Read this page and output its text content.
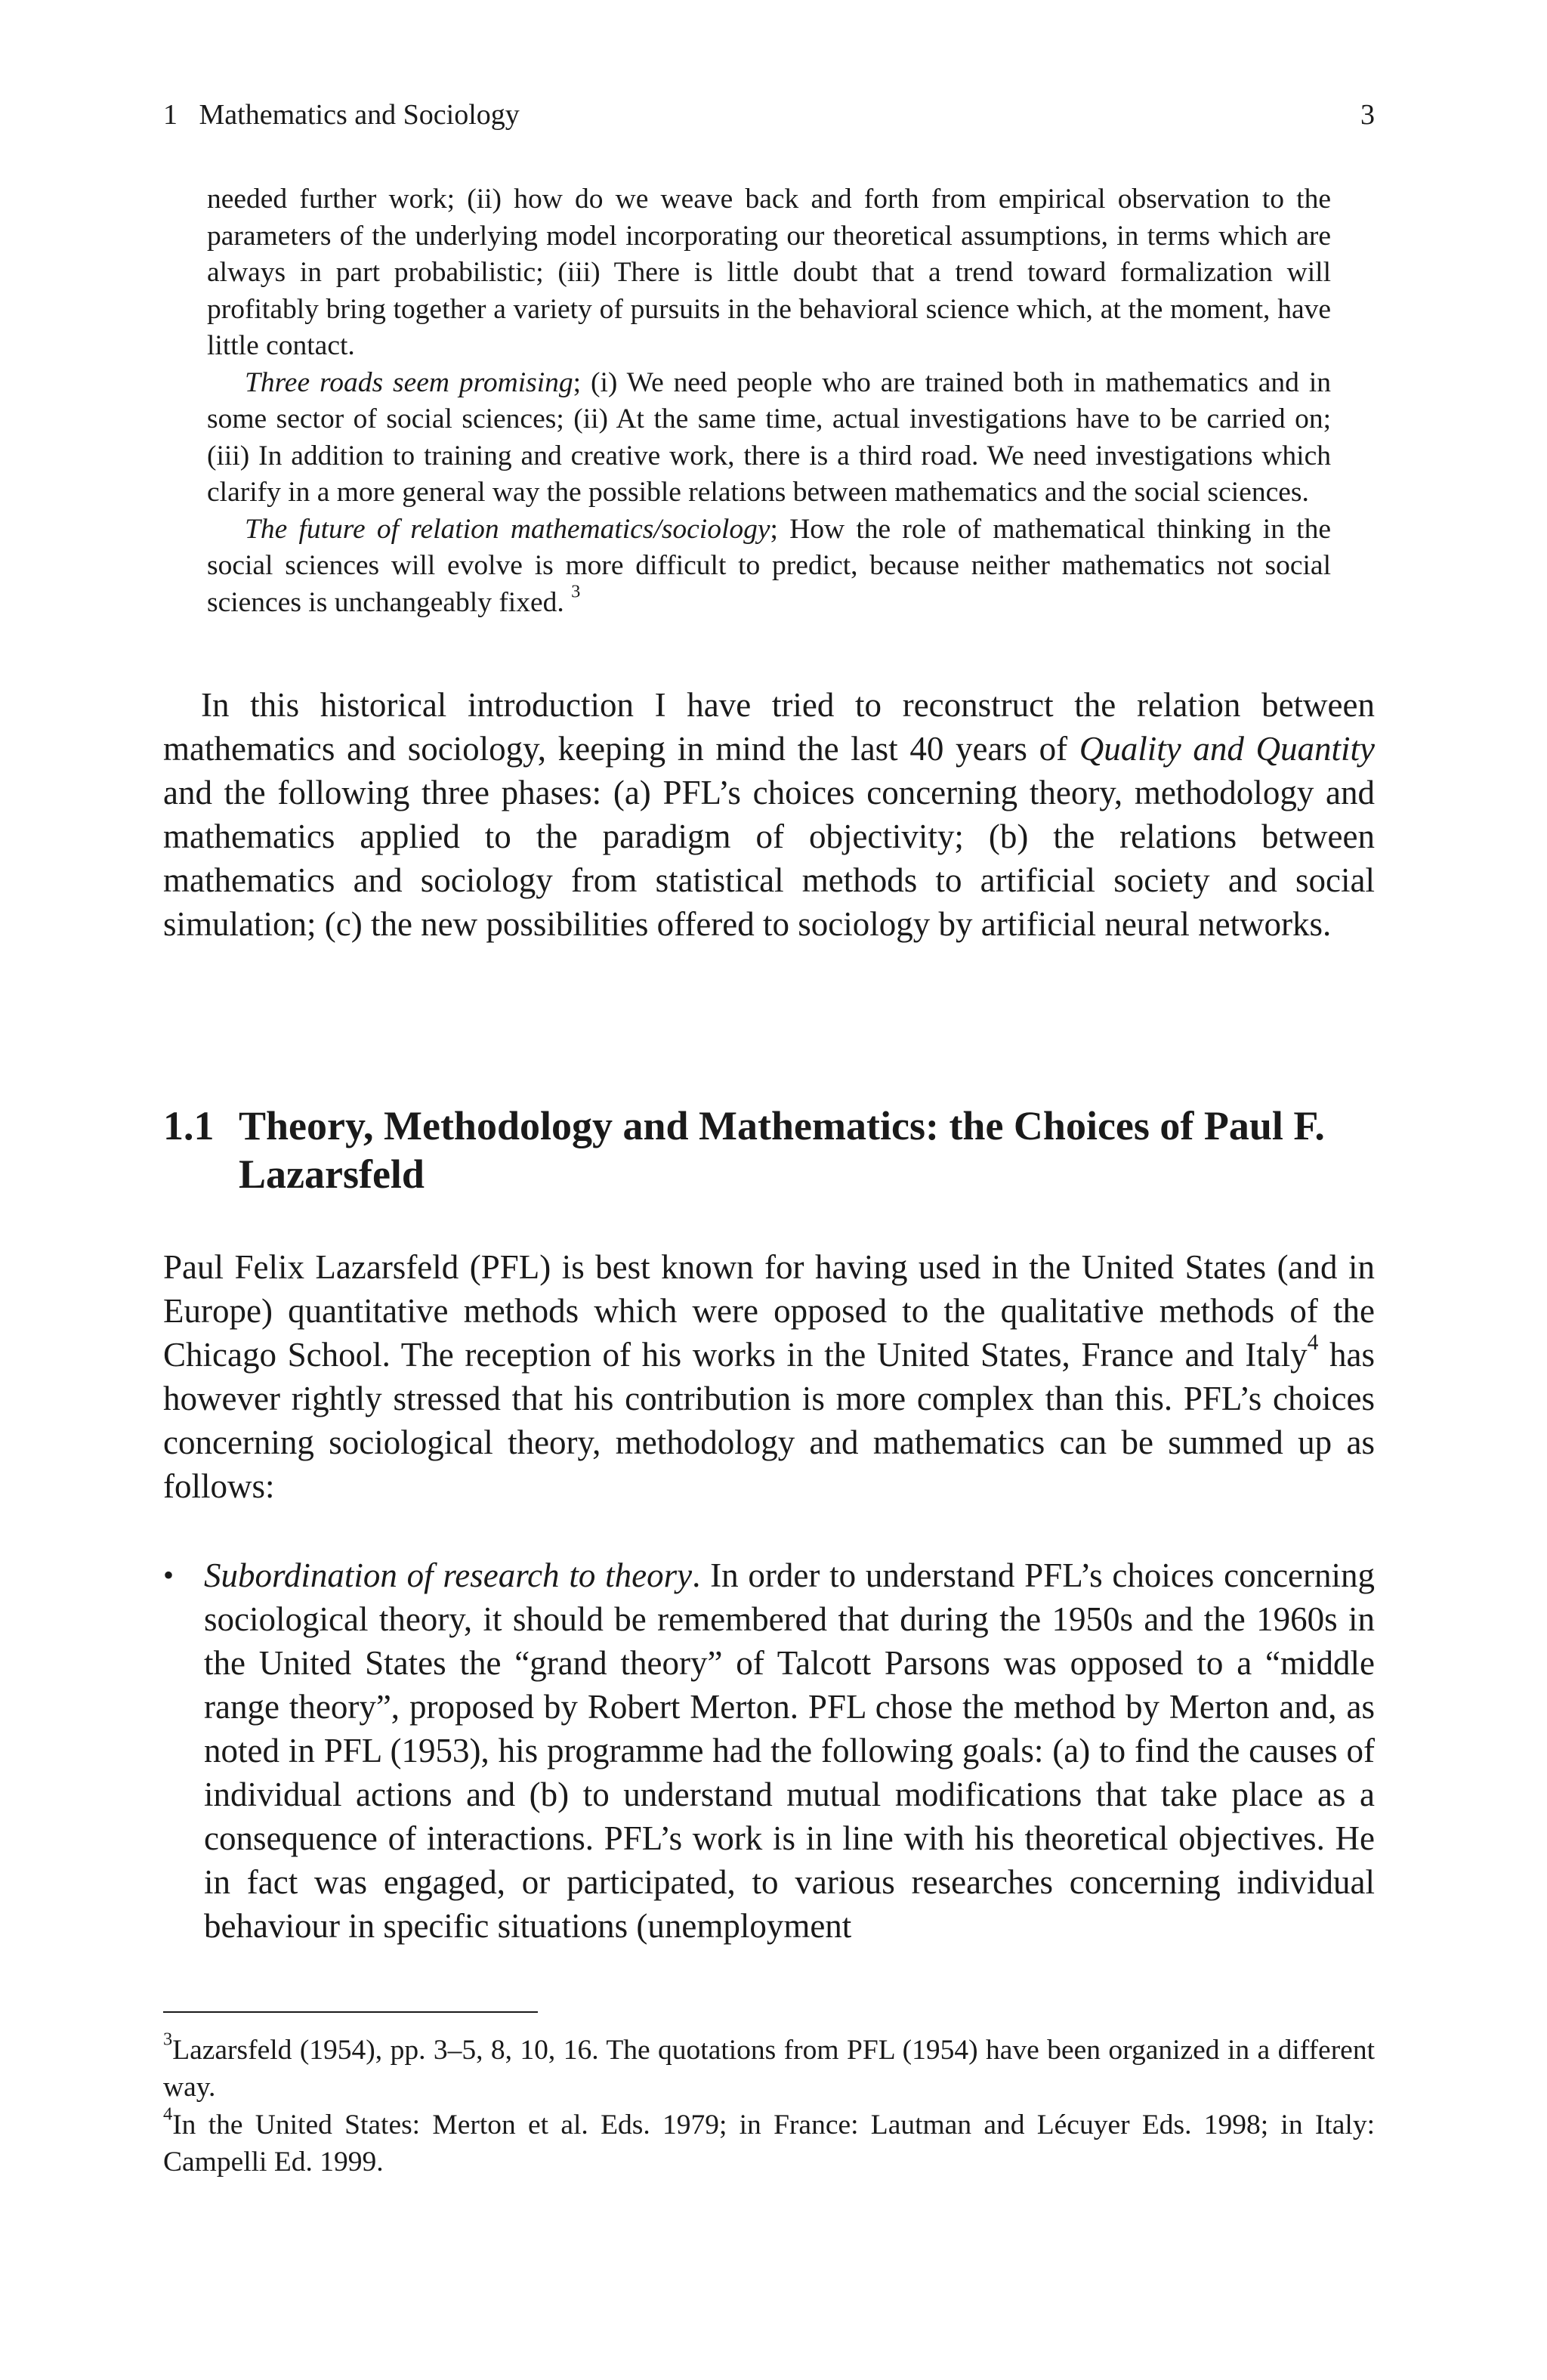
1 Mathematics and Sociology	3

needed further work; (ii) how do we weave back and forth from empirical observation to the parameters of the underlying model incorporating our theoretical assumptions, in terms which are always in part probabilistic; (iii) There is little doubt that a trend toward formalization will profitably bring together a variety of pursuits in the behavioral science which, at the moment, have little contact.

Three roads seem promising; (i) We need people who are trained both in mathematics and in some sector of social sciences; (ii) At the same time, actual investigations have to be carried on; (iii) In addition to training and creative work, there is a third road. We need investigations which clarify in a more general way the possible relations between mathematics and the social sciences.

The future of relation mathematics/sociology; How the role of mathematical thinking in the social sciences will evolve is more difficult to predict, because neither mathematics not social sciences is unchangeably fixed. $^3$

In this historical introduction I have tried to reconstruct the relation between mathematics and sociology, keeping in mind the last 40 years of Quality and Quantity and the following three phases: (a) PFL’s choices concerning theory, methodology and mathematics applied to the paradigm of objectivity; (b) the relations between mathematics and sociology from statistical methods to artificial society and social simulation; (c) the new possibilities offered to sociology by artificial neural networks.

1.1 Theory, Methodology and Mathematics: the Choices of Paul F. Lazarsfeld

Paul Felix Lazarsfeld (PFL) is best known for having used in the United States (and in Europe) quantitative methods which were opposed to the qualitative methods of the Chicago School. The reception of his works in the United States, France and Italy$^4$ has however rightly stressed that his contribution is more complex than this. PFL’s choices concerning sociological theory, methodology and mathematics can be summed up as follows:

• Subordination of research to theory. In order to understand PFL’s choices concerning sociological theory, it should be remembered that during the 1950s and the 1960s in the United States the “grand theory” of Talcott Parsons was opposed to a “middle range theory”, proposed by Robert Merton. PFL chose the method by Merton and, as noted in PFL (1953), his programme had the following goals: (a) to find the causes of individual actions and (b) to understand mutual modifications that take place as a consequence of interactions. PFL’s work is in line with his theoretical objectives. He in fact was engaged, or participated, to various researches concerning individual behaviour in specific situations (unemployment

$^3$Lazarsfeld (1954), pp. 3–5, 8, 10, 16. The quotations from PFL (1954) have been organized in a different way.

$^4$In the United States: Merton et al. Eds. 1979; in France: Lautman and Lécuyer Eds. 1998; in Italy: Campelli Ed. 1999.
